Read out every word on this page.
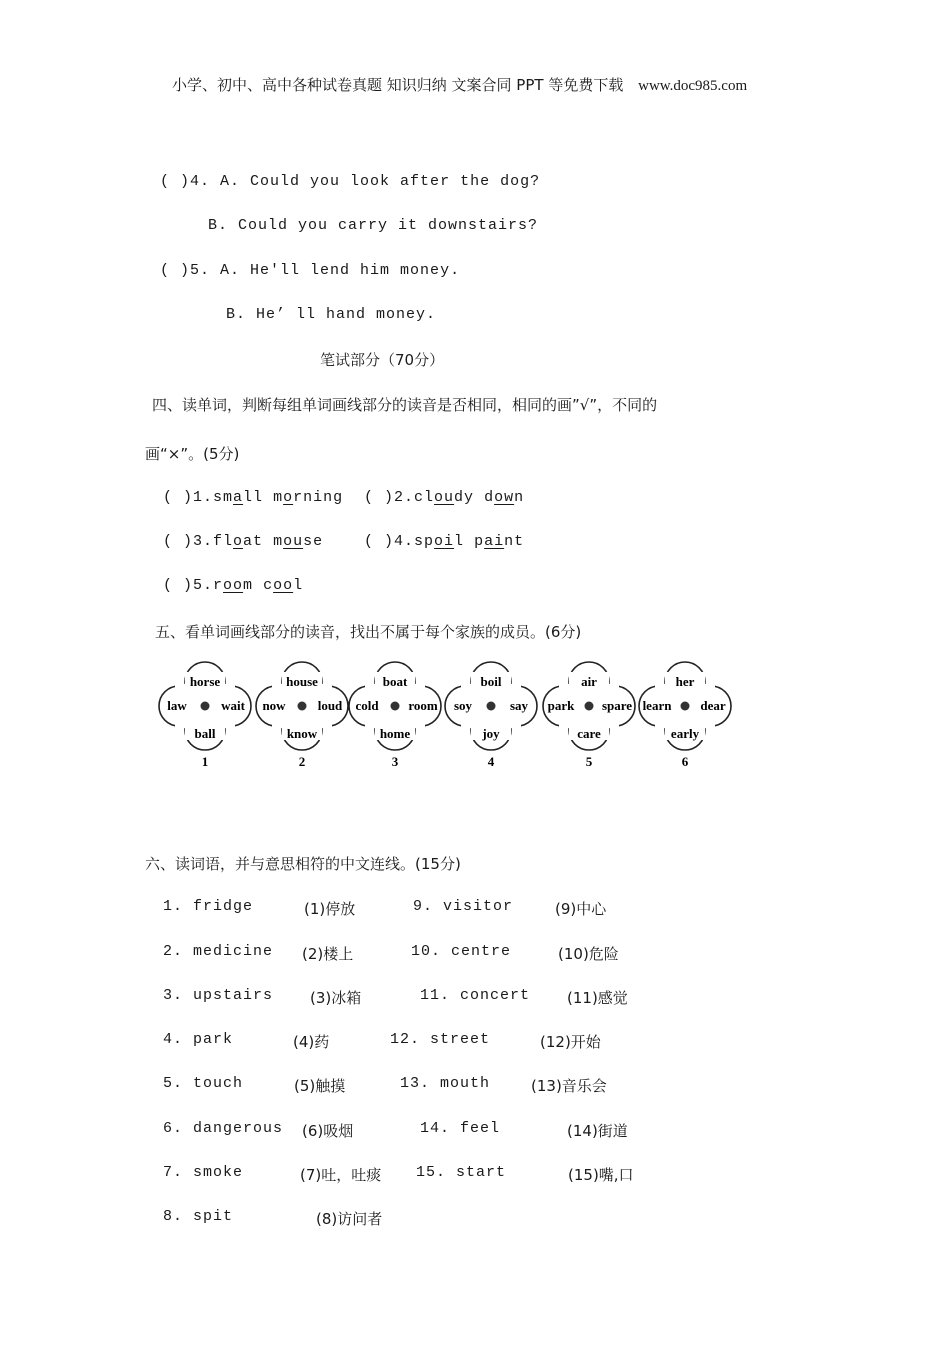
小学、初中、高中各种试卷真题 知识归纳 文案合同 PPT 等免费下载 www.doc985.com
( )4. A. Could you look after the dog?
B. Could you carry it downstairs?
( )5. A. He'll lend him money.
B. He’ ll hand money.
笔试部分（70分）
四、读单词，判断每组单词画线部分的读音是否相同，相同的画”√”，不同的
画“×”。(5分)
( )1.small morning ( )2.cloudy down
( )3.float mouse	( )4.spoil paint
( )5.room cool
五、看单词画线部分的读音，找出不属于每个家族的成员。(6分)
horse
law	wait
ball
1
house
now loud
know
2
boat
cold room
home
3
boil
soy	say
joy
4
air
park spare
care
5
her
learn dear
early
6
六、读词语，并与意思相符的中文连线。(15分)
1. fridge	(1)停放	9. visitor	(9)中心
2. medicine (2)楼上	10. centre	(10)危险
3. upstairs (3)冰箱	11. concert (11)感觉
4. park	(4)药	12. street	(12)开始
5. touch	(5)触摸	13. mouth	(13)音乐会
6. dangerous (6)吸烟	14. feel	(14)街道
7. smoke	(7)吐，吐痰 15. start	(15)嘴,口
8. spit	(8)访问者
